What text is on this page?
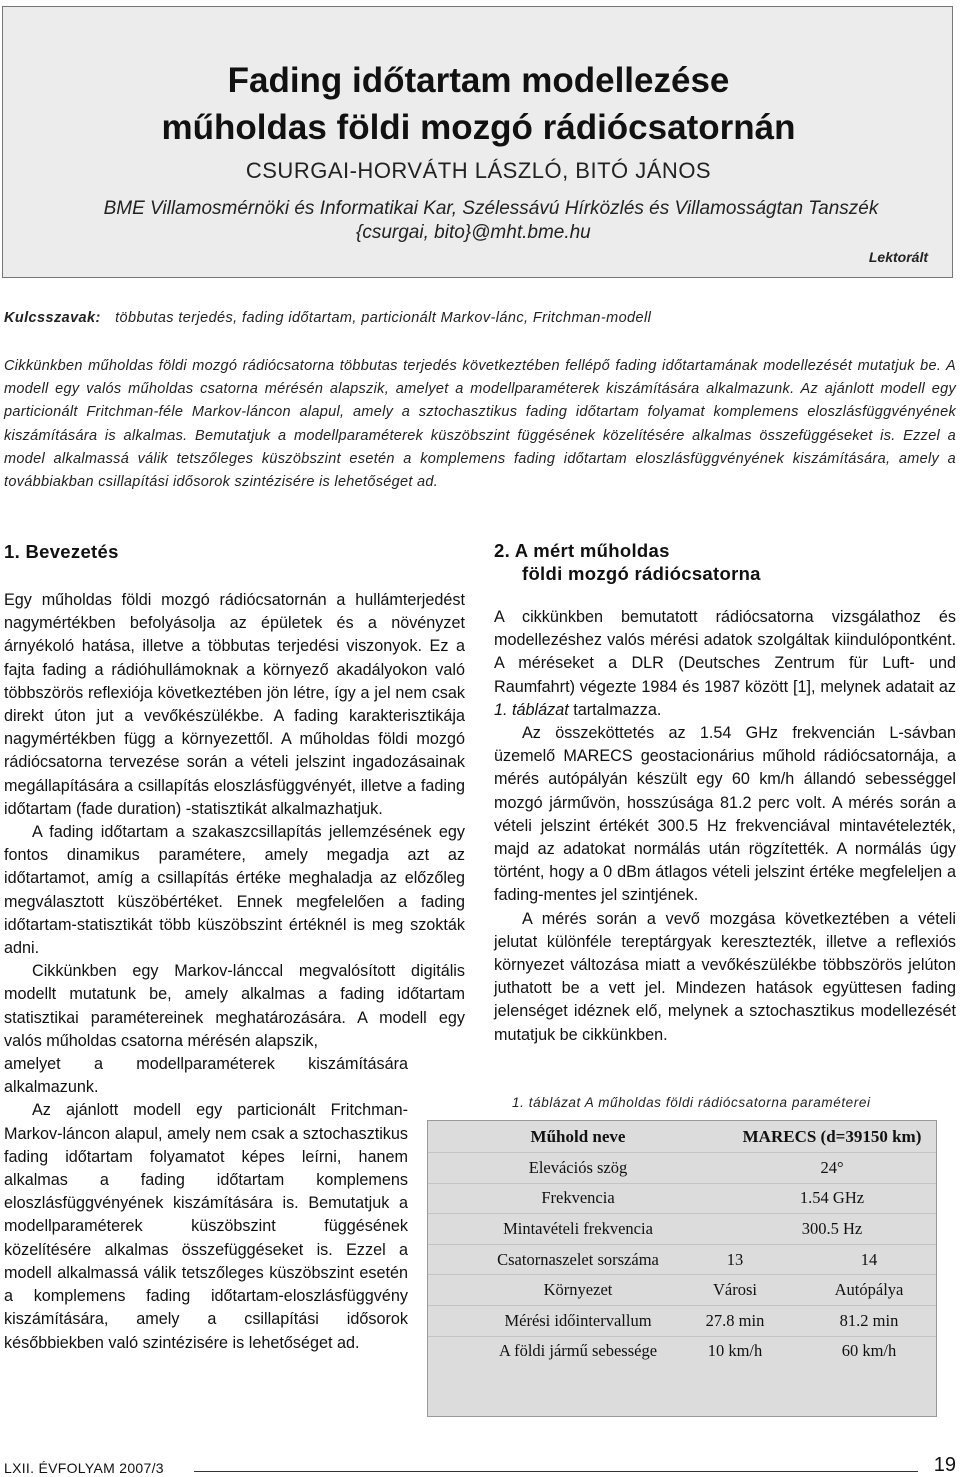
Fading időtartam modellezése
műholdas földi mozgó rádiócsatornán
CSURGAI-HORVÁTH LÁSZLÓ, BITÓ JÁNOS
BME Villamosmérnöki és Informatikai Kar, Szélessávú Hírközlés és Villamosságtan Tanszék
{csurgai, bito}@mht.bme.hu
Lektorált
Kulcsszavak: többutas terjedés, fading időtartam, particionált Markov-lánc, Fritchman-modell

Cikkünkben műholdas földi mozgó rádiócsatorna többutas terjedés következtében fellépő fading időtartamának modellezését mutatjuk be. A modell egy valós műholdas csatorna mérésén alapszik, amelyet a modellparaméterek kiszámítására alkalmazunk. Az ajánlott modell egy particionált Fritchman-féle Markov-láncon alapul, amely a sztochasztikus fading időtartam folyamat komplemens eloszlásfüggvényének kiszámítására is alkalmas. Bemutatjuk a modellparaméterek küszöbszint függésének közelítésére alkalmas összefüggéseket is. Ezzel a model alkalmassá válik tetszőleges küszöbszint esetén a komplemens fading időtartam eloszlásfüggvényének kiszámítására, amely a továbbiakban csillapítási idősorok szintézisére is lehetőséget ad.

1. Bevezetés

Egy műholdas földi mozgó rádiócsatornán a hullámterjedést nagymértékben befolyásolja az épületek és a növényzet árnyékoló hatása, illetve a többutas terjedési viszonyok. Ez a fajta fading a rádióhullámoknak a környező akadályokon való többszörös reflexiója következtében jön létre, így a jel nem csak direkt úton jut a vevőkészülékbe. A fading karakterisztikája nagymértékben függ a környezettől. A műholdas földi mozgó rádiócsatorna tervezése során a vételi jelszint ingadozásainak megállapítására a csillapítás eloszlásfüggvényét, illetve a fading időtartam (fade duration) -statisztikát alkalmazhatjuk.

A fading időtartam a szakaszcsillapítás jellemzésének egy fontos dinamikus paramétere, amely megadja azt az időtartamot, amíg a csillapítás értéke meghaladja az előzőleg megválasztott küszöbértéket. Ennek megfelelően a fading időtartam-statisztikát több küszöbszint értéknél is meg szokták adni.

Cikkünkben egy Markov-lánccal megvalósított digitális modellt mutatunk be, amely alkalmas a fading időtartam statisztikai paramétereinek meghatározására. A modell egy valós műholdas csatorna mérésén alapszik,

amelyet a modellparaméterek kiszámítására alkalmazunk.

Az ajánlott modell egy particionált Fritchman-Markov-láncon alapul, amely nem csak a sztochasztikus fading időtartam folyamatot képes leírni, hanem alkalmas a fading időtartam komplemens eloszlásfüggvényének kiszámítására is. Bemutatjuk a modellparaméterek küszöbszint függésének közelítésére alkalmas összefüggéseket is. Ezzel a modell alkalmassá válik tetszőleges küszöbszint esetén a komplemens fading időtartam-eloszlásfüggvény kiszámítására, amely a csillapítási idősorok későbbiekben való szintézisére is lehetőséget ad.

2. A mért műholdas
földi mozgó rádiócsatorna

A cikkünkben bemutatott rádiócsatorna vizsgálathoz és modellezéshez valós mérési adatok szolgáltak kiindulópontként. A méréseket a DLR (Deutsches Zentrum für Luft- und Raumfahrt) végezte 1984 és 1987 között [1], melynek adatait az 1. táblázat tartalmazza.

Az összeköttetés az 1.54 GHz frekvencián L-sávban üzemelő MARECS geostacionárius műhold rádiócsatornája, a mérés autópályán készült egy 60 km/h állandó sebességgel mozgó járművön, hosszúsága 81.2 perc volt. A mérés során a vételi jelszint értékét 300.5 Hz frekvenciával mintavételezték, majd az adatokat normálás után rögzítették. A normálás úgy történt, hogy a 0 dBm átlagos vételi jelszint értéke megfeleljen a fading-mentes jel szintjének.

A mérés során a vevő mozgása következtében a vételi jelutat különféle tereptárgyak keresztezték, illetve a reflexiós környezet változása miatt a vevőkészülékbe többszörös jelúton juthatott be a vett jel. Mindezen hatások együttesen fading jelenséget idéznek elő, melynek a sztochasztikus modellezését mutatjuk be cikkünkben.

1. táblázat A műholdas földi rádiócsatorna paraméterei
Műhold neve	MARECS (d=39150 km)
Elevációs szög	24°
Frekvencia	1.54 GHz
Mintavételi frekvencia	300.5 Hz
Csatornaszelet sorszáma	13	14
Környezet	Városi	Autópálya
Mérési időintervallum	27.8 min	81.2 min
A földi jármű sebessége	10 km/h	60 km/h
LXII. ÉVFOLYAM 2007/3	19
